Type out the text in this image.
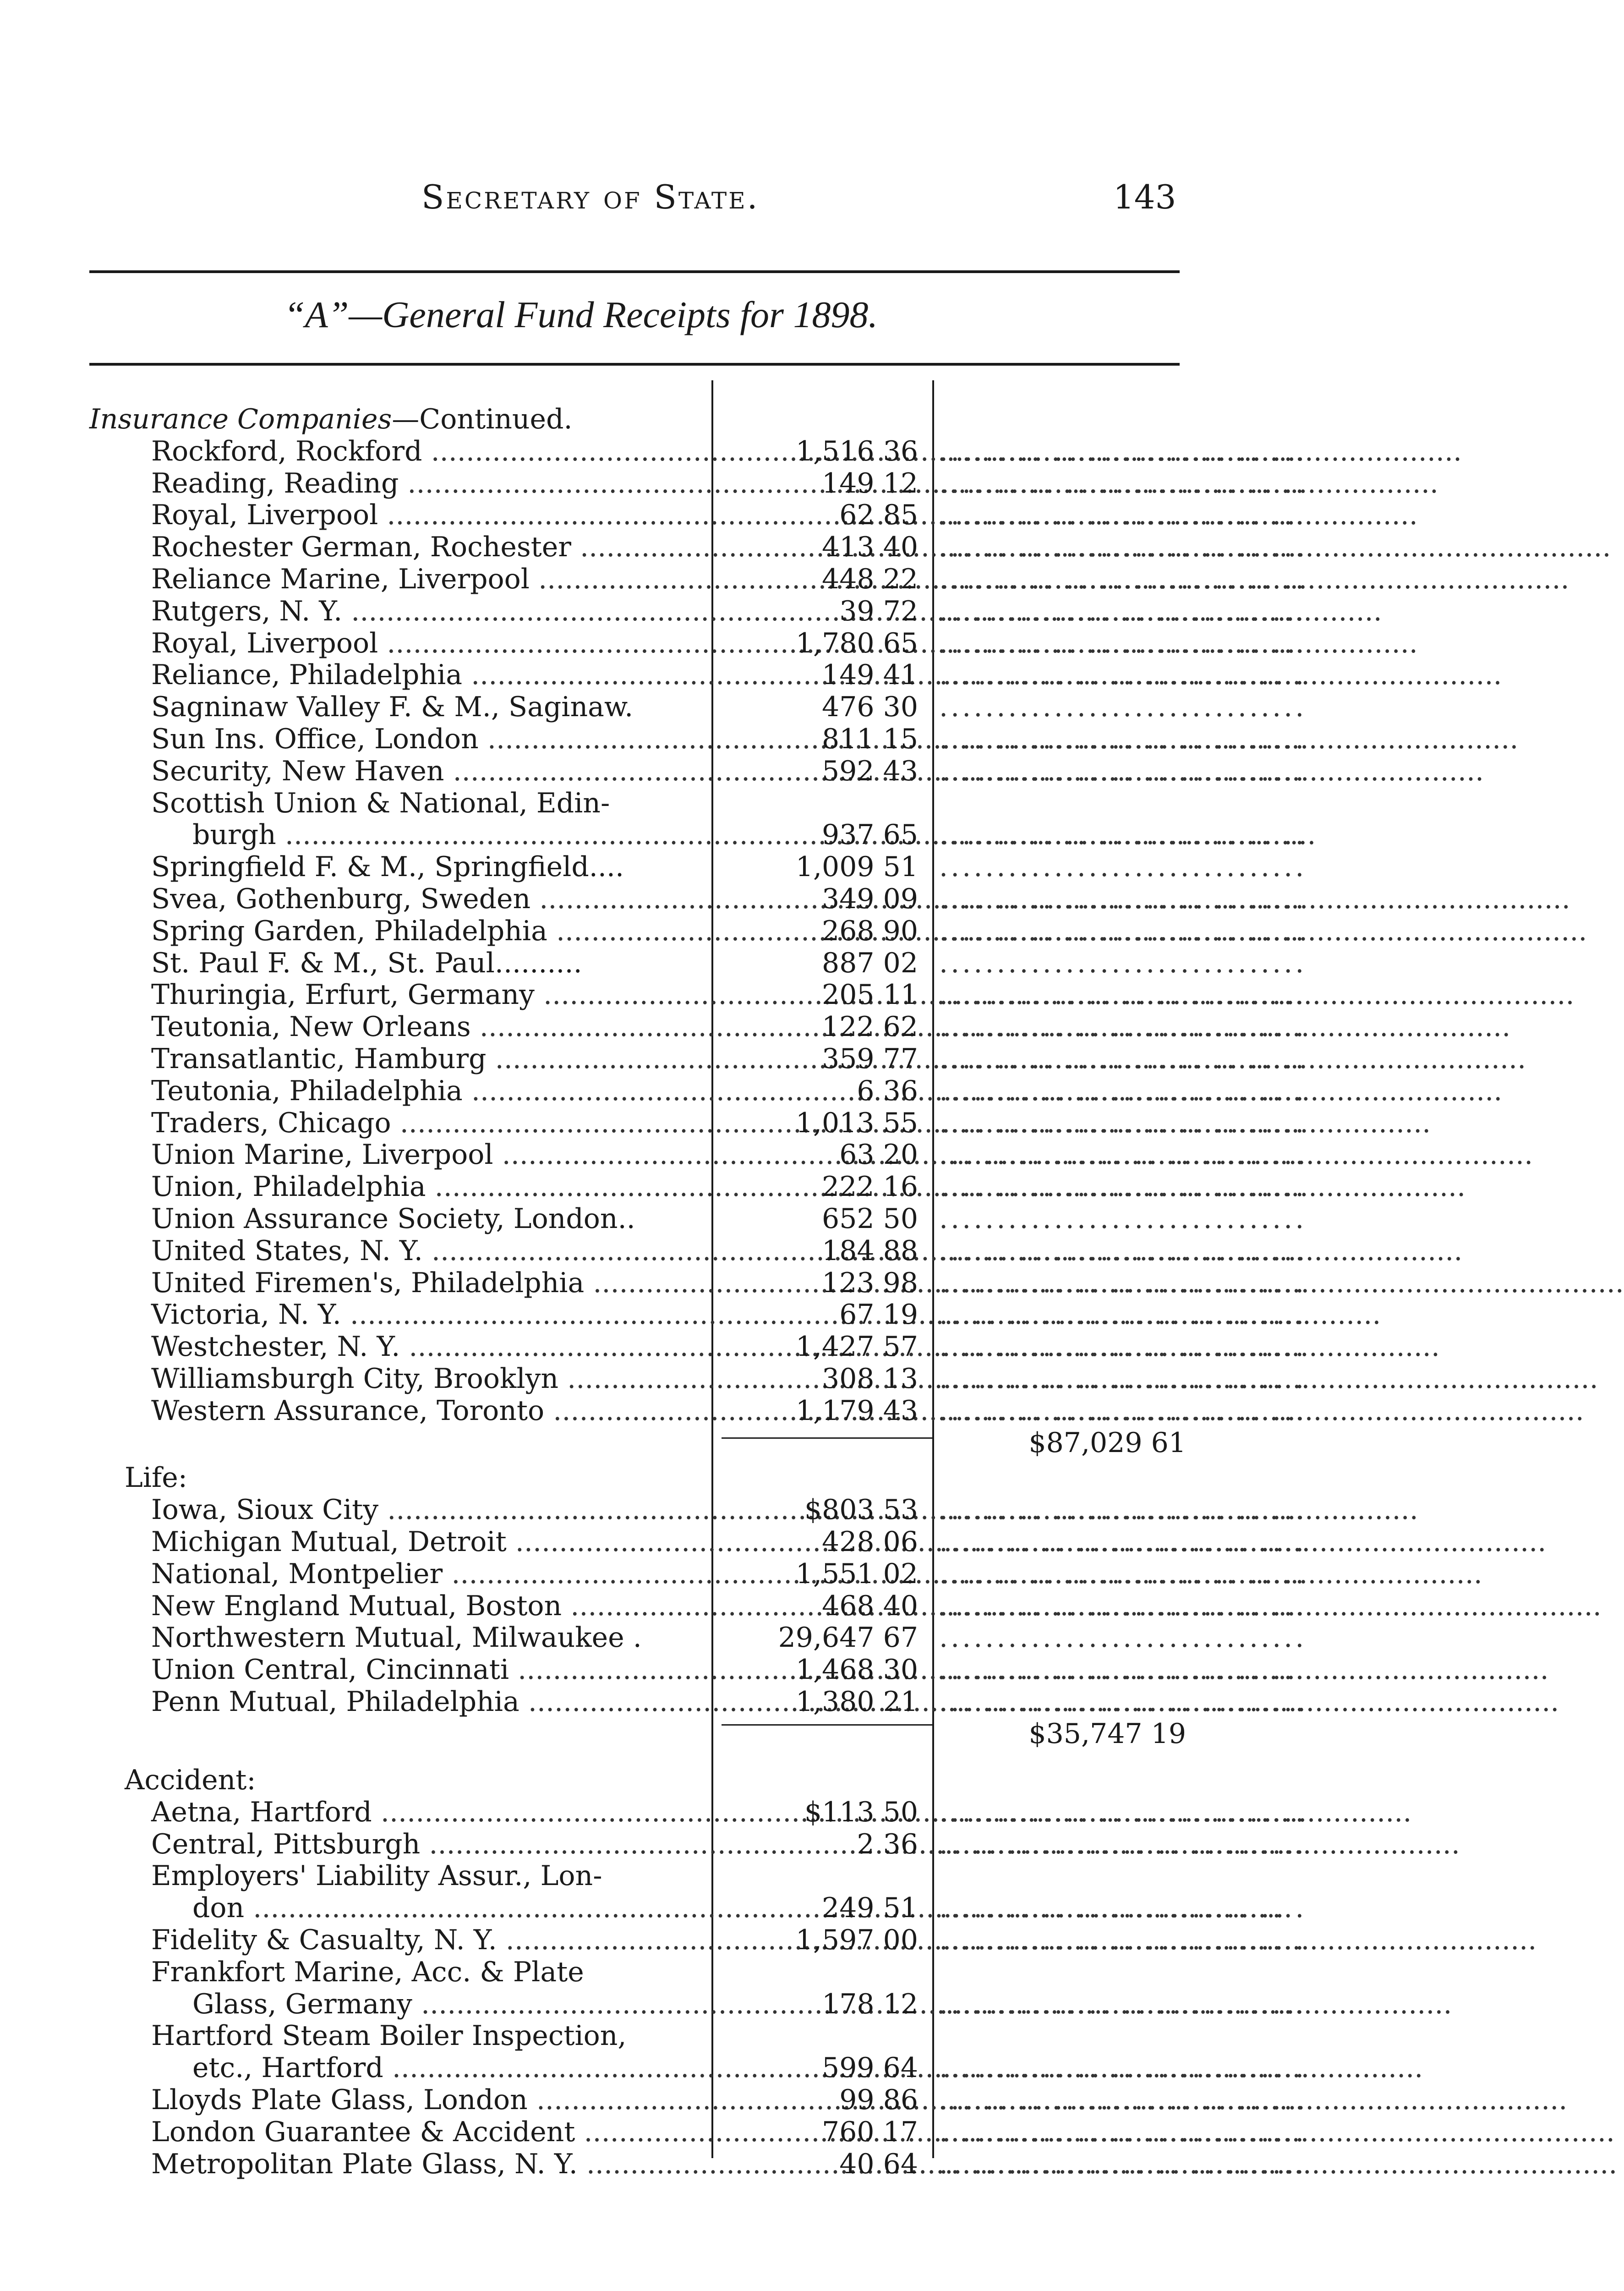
Secretary of State.	143
“A”—General Fund Receipts for 1898.
Insurance Companies—Continued.
Rockford, Rockford .....	1,516 36 ................................
Reading, Reading .....	149 12 ................................
Royal, Liverpool .....	62 85 ................................
Rochester German, Rochester .....	413 40 ................................
Reliance Marine, Liverpool .....	448 22 ................................
Rutgers, N. Y. .....	39 72 ................................
Royal, Liverpool .....	1,780 65 ................................
Reliance, Philadelphia .....	149 41 ................................
Sagninaw Valley F. & M., Saginaw.	476 30 ................................
Sun Ins. Office, London .....	811 15 ................................
Security, New Haven .....	592 43 ................................
Scottish Union & National, Edin-
burgh .....	937 65 ................................
Springfield F. & M., Springfield....	1,009 51 ................................
Svea, Gothenburg, Sweden .....	349 09 ................................
Spring Garden, Philadelphia .....	268 90 ................................
St. Paul F. & M., St. Paul..........	887 02 ................................
Thuringia, Erfurt, Germany .....	205 11 ................................
Teutonia, New Orleans .....	122 62 ................................
Transatlantic, Hamburg .....	359 77 ................................
Teutonia, Philadelphia .....	6 36 ................................
Traders, Chicago .....	1,013 55 ................................
Union Marine, Liverpool .....	63 20 ................................
Union, Philadelphia .....	222 16 ................................
Union Assurance Society, London..	652 50 ................................
United States, N. Y. .....	184 88 ................................
United Firemen's, Philadelphia .....	123 98 ................................
Victoria, N. Y. .....	67 19 ................................
Westchester, N. Y. .....	1,427 57 ................................
Williamsburgh City, Brooklyn .....	308 13 ................................
Western Assurance, Toronto .....	1,179 43 ................................
$87,029 61
Life:
Iowa, Sioux City .....	$803 53 ................................
Michigan Mutual, Detroit .....	428 06 ................................
National, Montpelier .....	1,551 02 ................................
New England Mutual, Boston .....	468 40 ................................
Northwestern Mutual, Milwaukee .	29,647 67 ................................
Union Central, Cincinnati .....	1,468 30 ................................
Penn Mutual, Philadelphia .....	1,380 21 ................................
$35,747 19
Accident:
Aetna, Hartford .....	$113 50 ................................
Central, Pittsburgh .....	2 36 ................................
Employers' Liability Assur., Lon-
don .....	249 51 ................................
Fidelity & Casualty, N. Y. .....	1,597 00 ................................
Frankfort Marine, Acc. & Plate
Glass, Germany .....	178 12 ................................
Hartford Steam Boiler Inspection,
etc., Hartford .....	599 64 ................................
Lloyds Plate Glass, London .....	99 86 ................................
London Guarantee & Accident .....	760 17 ................................
Metropolitan Plate Glass, N. Y. .....	40 64 ................................
